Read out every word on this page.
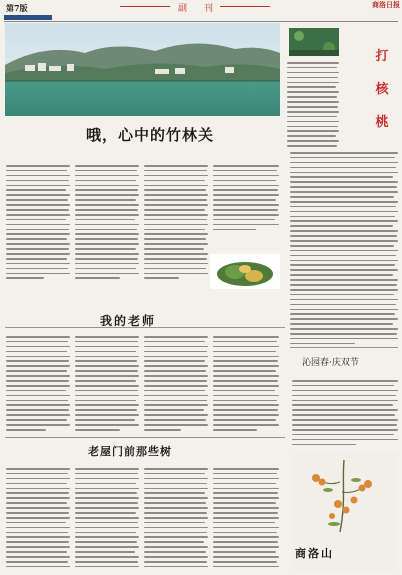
第7版	副　刊	商洛日报
哦，心中的竹林关
打
核
桃
我的老师
老屋门前那些树
沁园春·庆双节
商洛山
